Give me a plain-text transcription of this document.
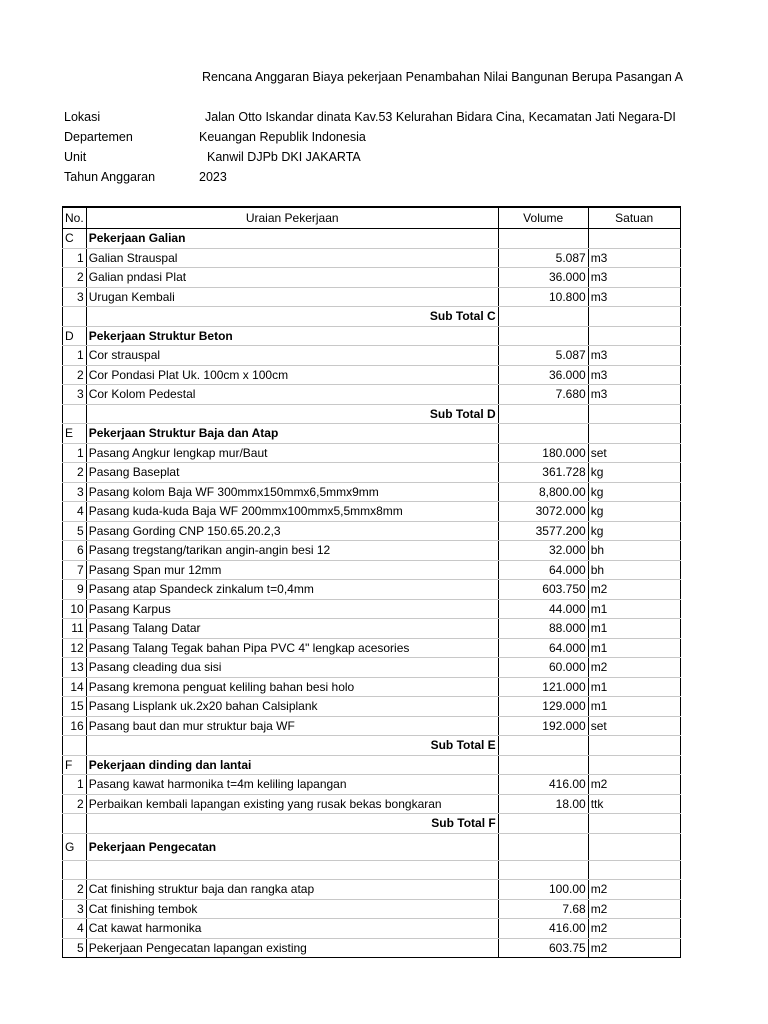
Rencana Anggaran Biaya pekerjaan Penambahan Nilai Bangunan Berupa Pasangan A
Lokasi	Jalan Otto Iskandar dinata Kav.53 Kelurahan Bidara Cina, Kecamatan Jati Negara-DI
Departemen	Keuangan Republik Indonesia
Unit	Kanwil DJPb DKI JAKARTA
Tahun Anggaran	2023
No.	Uraian Pekerjaan	Volume	Satuan
C	Pekerjaan Galian		
1	Galian Strauspal	5.087	m3
2	Galian pndasi Plat	36.000	m3
3	Urugan Kembali	10.800	m3
	Sub Total C		
D	Pekerjaan Struktur Beton		
1	Cor strauspal	5.087	m3
2	Cor Pondasi Plat Uk. 100cm x 100cm	36.000	m3
3	Cor Kolom Pedestal	7.680	m3
	Sub Total D		
E	Pekerjaan Struktur Baja dan Atap		
1	Pasang Angkur lengkap mur/Baut	180.000	set
2	Pasang Baseplat	361.728	kg
3	Pasang kolom Baja WF 300mmx150mmx6,5mmx9mm	8,800.00	kg
4	Pasang kuda-kuda Baja WF 200mmx100mmx5,5mmx8mm	3072.000	kg
5	Pasang Gording CNP 150.65.20.2,3	3577.200	kg
6	Pasang tregstang/tarikan angin-angin besi 12	32.000	bh
7	Pasang Span mur 12mm	64.000	bh
9	Pasang atap Spandeck zinkalum t=0,4mm	603.750	m2
10	Pasang Karpus	44.000	m1
11	Pasang Talang Datar	88.000	m1
12	Pasang Talang Tegak bahan Pipa PVC 4" lengkap acesories	64.000	m1
13	Pasang cleading dua sisi	60.000	m2
14	Pasang kremona penguat keliling bahan besi holo	121.000	m1
15	Pasang Lisplank uk.2x20 bahan Calsiplank	129.000	m1
16	Pasang baut dan mur struktur baja WF	192.000	set
	Sub Total E		
F	Pekerjaan dinding dan lantai		
1	Pasang kawat harmonika t=4m keliling lapangan	416.00	m2
2	Perbaikan kembali lapangan existing yang rusak bekas bongkaran	18.00	ttk
	Sub Total F		
G	Pekerjaan Pengecatan		

2	Cat finishing struktur baja dan rangka atap	100.00	m2
3	Cat finishing tembok	7.68	m2
4	Cat kawat harmonika	416.00	m2
5	Pekerjaan Pengecatan lapangan existing	603.75	m2
